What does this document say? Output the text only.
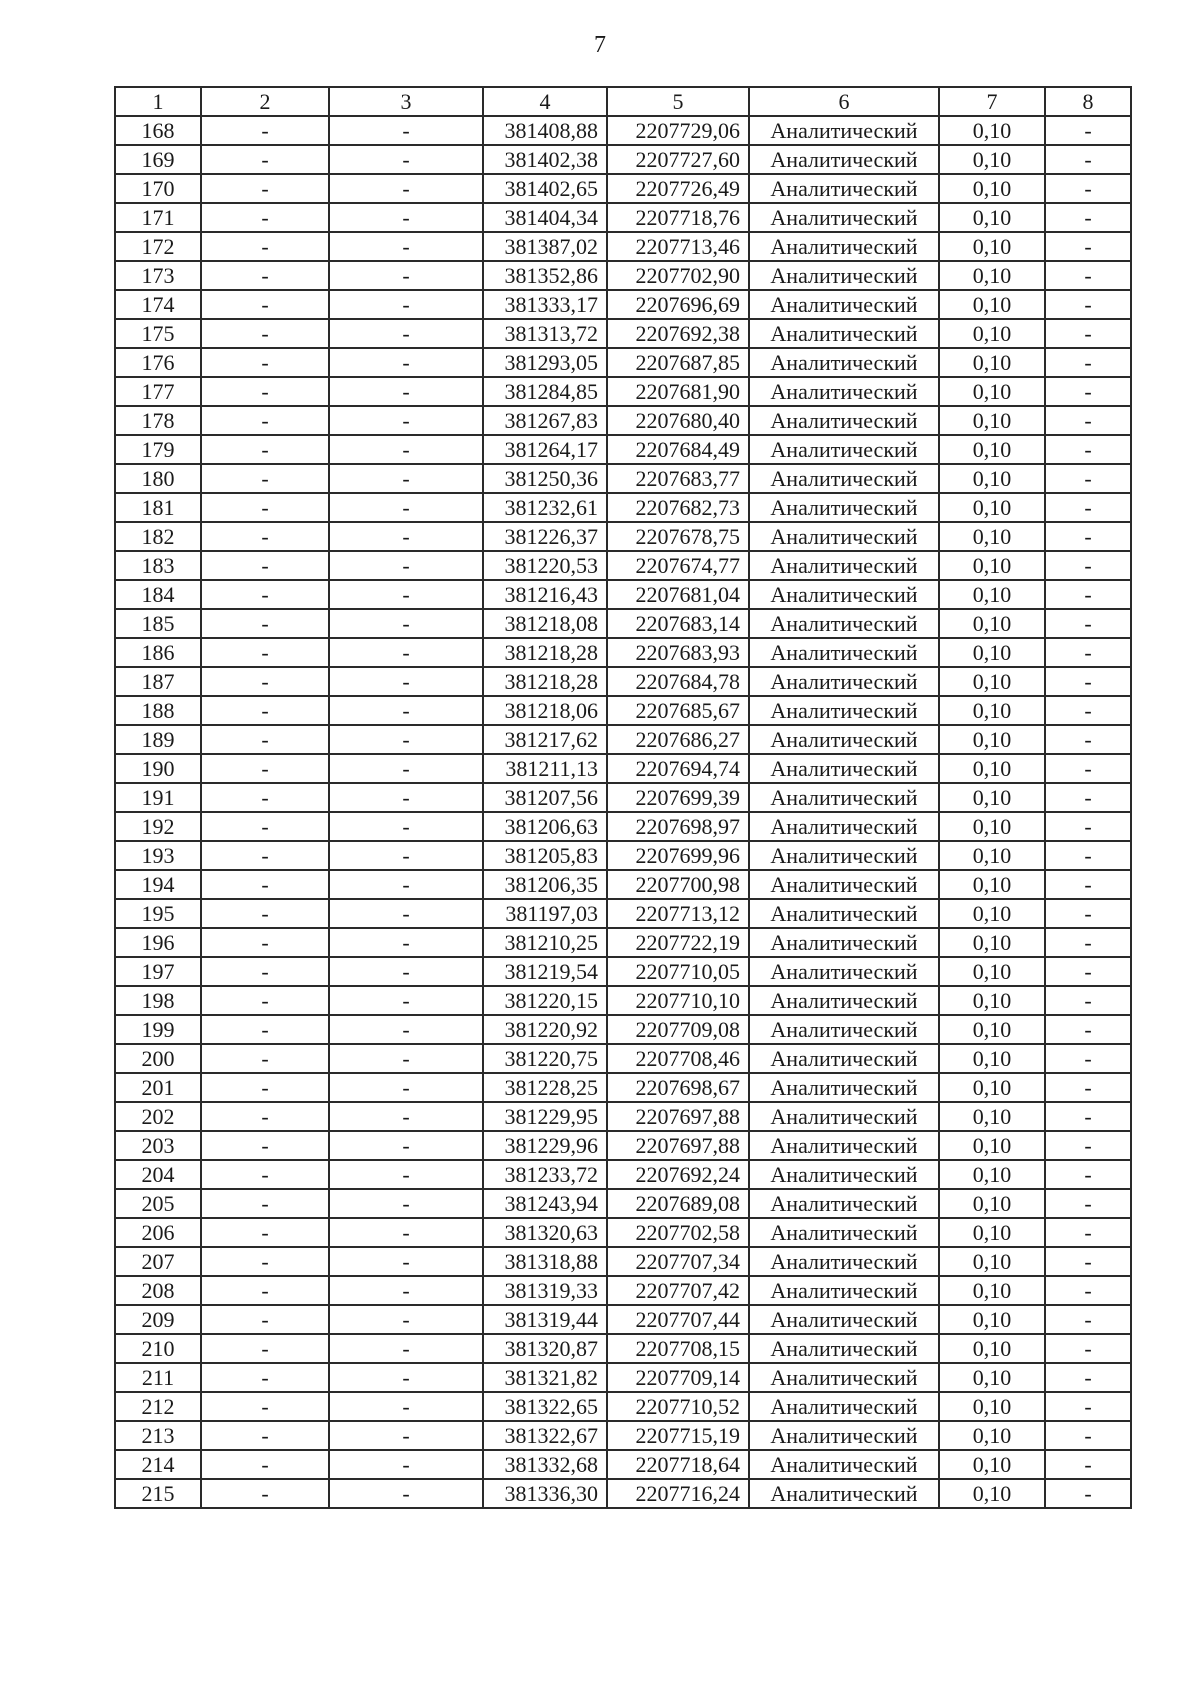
7
1	2	3	4	5	6	7	8
168	-	-	381408,88	2207729,06	Аналитический	0,10	-
169	-	-	381402,38	2207727,60	Аналитический	0,10	-
170	-	-	381402,65	2207726,49	Аналитический	0,10	-
171	-	-	381404,34	2207718,76	Аналитический	0,10	-
172	-	-	381387,02	2207713,46	Аналитический	0,10	-
173	-	-	381352,86	2207702,90	Аналитический	0,10	-
174	-	-	381333,17	2207696,69	Аналитический	0,10	-
175	-	-	381313,72	2207692,38	Аналитический	0,10	-
176	-	-	381293,05	2207687,85	Аналитический	0,10	-
177	-	-	381284,85	2207681,90	Аналитический	0,10	-
178	-	-	381267,83	2207680,40	Аналитический	0,10	-
179	-	-	381264,17	2207684,49	Аналитический	0,10	-
180	-	-	381250,36	2207683,77	Аналитический	0,10	-
181	-	-	381232,61	2207682,73	Аналитический	0,10	-
182	-	-	381226,37	2207678,75	Аналитический	0,10	-
183	-	-	381220,53	2207674,77	Аналитический	0,10	-
184	-	-	381216,43	2207681,04	Аналитический	0,10	-
185	-	-	381218,08	2207683,14	Аналитический	0,10	-
186	-	-	381218,28	2207683,93	Аналитический	0,10	-
187	-	-	381218,28	2207684,78	Аналитический	0,10	-
188	-	-	381218,06	2207685,67	Аналитический	0,10	-
189	-	-	381217,62	2207686,27	Аналитический	0,10	-
190	-	-	381211,13	2207694,74	Аналитический	0,10	-
191	-	-	381207,56	2207699,39	Аналитический	0,10	-
192	-	-	381206,63	2207698,97	Аналитический	0,10	-
193	-	-	381205,83	2207699,96	Аналитический	0,10	-
194	-	-	381206,35	2207700,98	Аналитический	0,10	-
195	-	-	381197,03	2207713,12	Аналитический	0,10	-
196	-	-	381210,25	2207722,19	Аналитический	0,10	-
197	-	-	381219,54	2207710,05	Аналитический	0,10	-
198	-	-	381220,15	2207710,10	Аналитический	0,10	-
199	-	-	381220,92	2207709,08	Аналитический	0,10	-
200	-	-	381220,75	2207708,46	Аналитический	0,10	-
201	-	-	381228,25	2207698,67	Аналитический	0,10	-
202	-	-	381229,95	2207697,88	Аналитический	0,10	-
203	-	-	381229,96	2207697,88	Аналитический	0,10	-
204	-	-	381233,72	2207692,24	Аналитический	0,10	-
205	-	-	381243,94	2207689,08	Аналитический	0,10	-
206	-	-	381320,63	2207702,58	Аналитический	0,10	-
207	-	-	381318,88	2207707,34	Аналитический	0,10	-
208	-	-	381319,33	2207707,42	Аналитический	0,10	-
209	-	-	381319,44	2207707,44	Аналитический	0,10	-
210	-	-	381320,87	2207708,15	Аналитический	0,10	-
211	-	-	381321,82	2207709,14	Аналитический	0,10	-
212	-	-	381322,65	2207710,52	Аналитический	0,10	-
213	-	-	381322,67	2207715,19	Аналитический	0,10	-
214	-	-	381332,68	2207718,64	Аналитический	0,10	-
215	-	-	381336,30	2207716,24	Аналитический	0,10	-
